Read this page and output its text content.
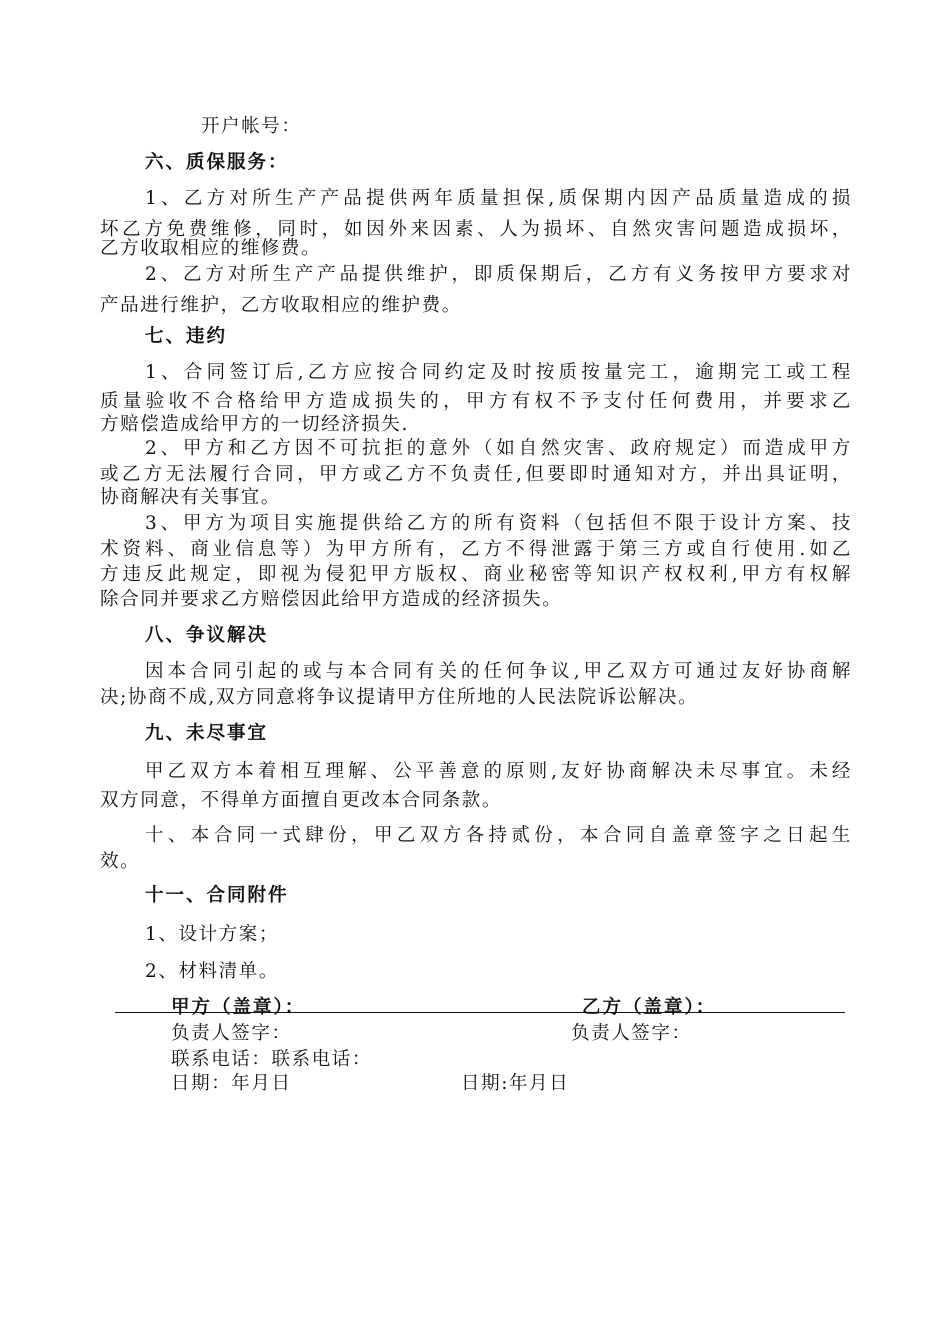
开户帐号：
六、质保服务：
1、乙方对所生产产品提供两年质量担保,质保期内因产品质量造成的损
坏乙方免费维修，同时，如因外来因素、人为损坏、自然灾害问题造成损坏，
乙方收取相应的维修费。
2、乙方对所生产产品提供维护，即质保期后，乙方有义务按甲方要求对
产品进行维护，乙方收取相应的维护费。
七、违约
1、合同签订后,乙方应按合同约定及时按质按量完工，逾期完工或工程
质量验收不合格给甲方造成损失的，甲方有权不予支付任何费用，并要求乙
方赔偿造成给甲方的一切经济损失.
2、甲方和乙方因不可抗拒的意外（如自然灾害、政府规定）而造成甲方
或乙方无法履行合同，甲方或乙方不负责任,但要即时通知对方，并出具证明，
协商解决有关事宜。
3、甲方为项目实施提供给乙方的所有资料（包括但不限于设计方案、技
术资料、商业信息等）为甲方所有，乙方不得泄露于第三方或自行使用.如乙
方违反此规定，即视为侵犯甲方版权、商业秘密等知识产权权利,甲方有权解
除合同并要求乙方赔偿因此给甲方造成的经济损失。
八、争议解决
因本合同引起的或与本合同有关的任何争议,甲乙双方可通过友好协商解
决;协商不成,双方同意将争议提请甲方住所地的人民法院诉讼解决。
九、未尽事宜
甲乙双方本着相互理解、公平善意的原则,友好协商解决未尽事宜。未经
双方同意，不得单方面擅自更改本合同条款。
十、本合同一式肆份，甲乙双方各持贰份，本合同自盖章签字之日起生
效。
十一、合同附件
1、设计方案；
2、材料清单。
甲方（盖章）：	乙方（盖章）：
负责人签字：	负责人签字：
联系电话：联系电话：
日期：年月日	日期:年月日
